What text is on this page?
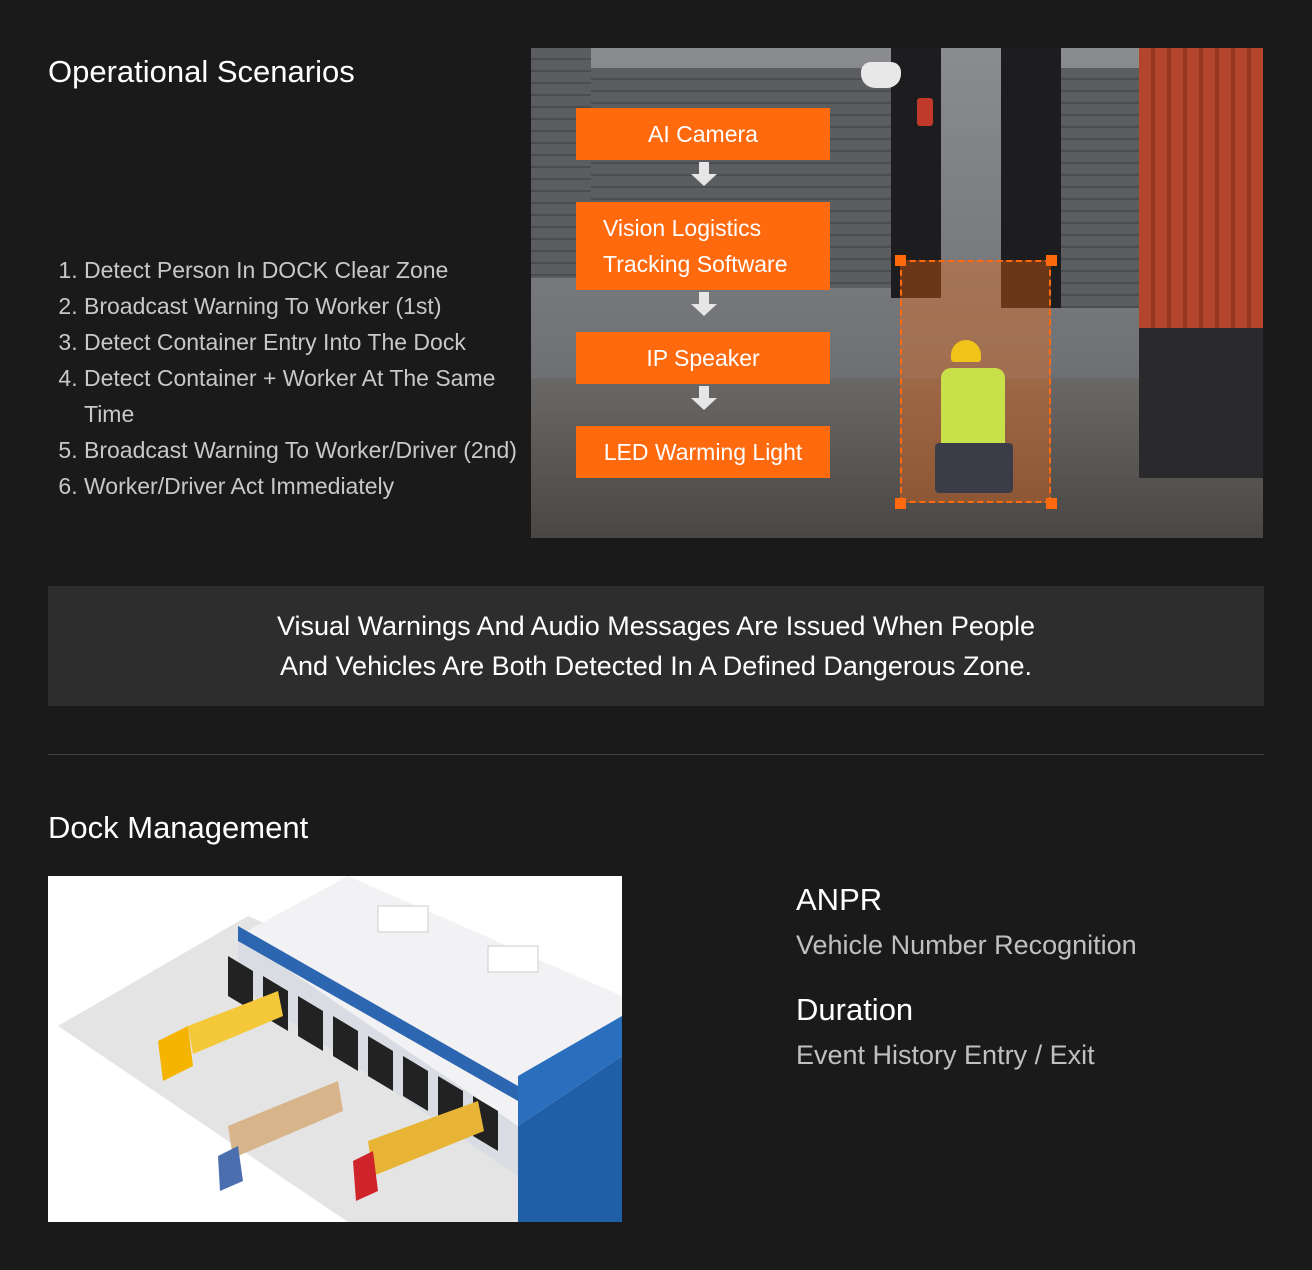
Operational Scenarios
1. Detect Person In DOCK Clear Zone
2. Broadcast Warning To Worker (1st)
3. Detect Container Entry Into The Dock
4. Detect Container + Worker At The Same Time
5. Broadcast Warning To Worker/Driver (2nd)
6. Worker/Driver Act Immediately
AI Camera
Vision Logistics
Tracking Software
IP Speaker
LED Warming Light
Visual Warnings And Audio Messages Are Issued When People
And Vehicles Are Both Detected In A Defined Dangerous Zone.
Dock Management
ANPR
Vehicle Number Recognition
Duration
Event History Entry / Exit
